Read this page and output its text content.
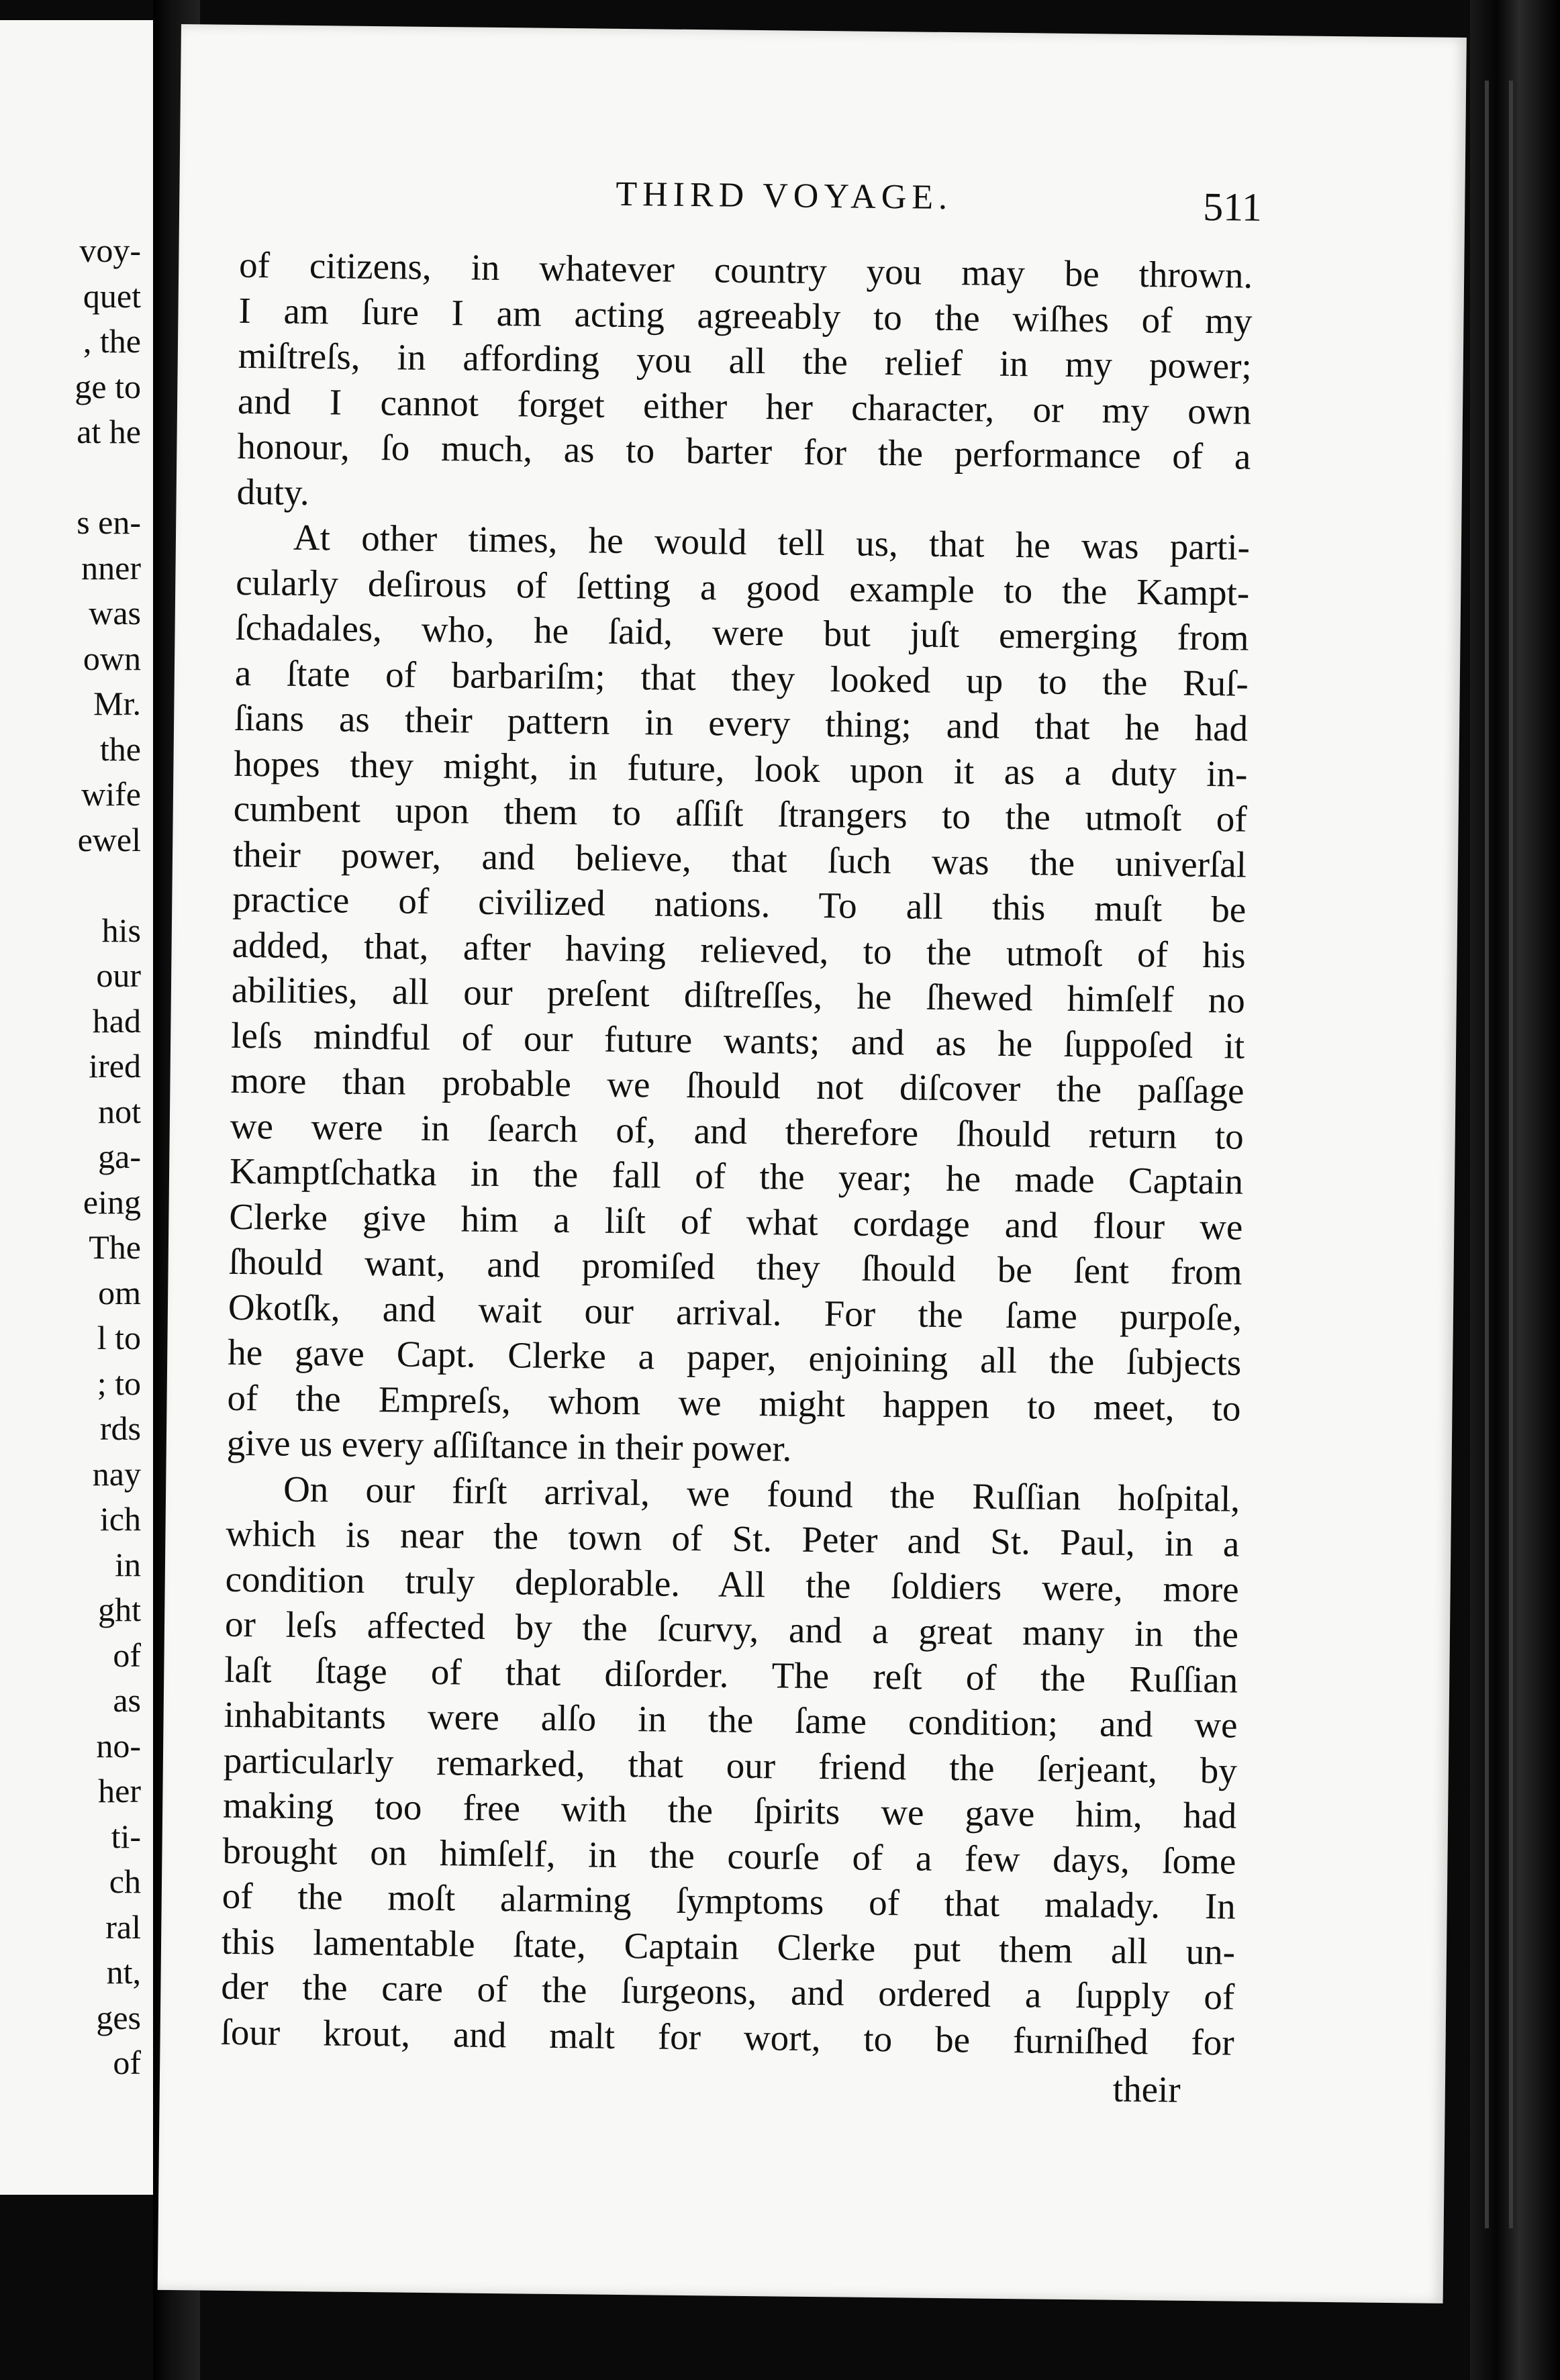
voy-
quet
, the
ge to
at he
s en-
nner
was
own
Mr.
the
wife
ewel
his
our
had
ired
not
ga-
eing
The
om
l to
; to
rds
nay
ich
in
ght
of
as
no-
her
ti-
ch
ral
nt,
ges
of
THIRD VOYAGE.	511
of citizens, in whatever country you may be thrown.
I am ſure I am acting agreeably to the wiſhes of my
miſtreſs, in affording you all the relief in my power;
and I cannot forget either her character, or my own
honour, ſo much, as to barter for the performance of a
duty.
At other times, he would tell us, that he was parti-
cularly deſirous of ſetting a good example to the Kampt-
ſchadales, who, he ſaid, were but juſt emerging from
a ſtate of barbariſm; that they looked up to the Ruſ-
ſians as their pattern in every thing; and that he had
hopes they might, in future, look upon it as a duty in-
cumbent upon them to aſſiſt ſtrangers to the utmoſt of
their power, and believe, that ſuch was the univerſal
practice of civilized nations. To all this muſt be
added, that, after having relieved, to the utmoſt of his
abilities, all our preſent diſtreſſes, he ſhewed himſelf no
leſs mindful of our future wants; and as he ſuppoſed it
more than probable we ſhould not diſcover the paſſage
we were in ſearch of, and therefore ſhould return to
Kamptſchatka in the fall of the year; he made Captain
Clerke give him a liſt of what cordage and flour we
ſhould want, and promiſed they ſhould be ſent from
Okotſk, and wait our arrival. For the ſame purpoſe,
he gave Capt. Clerke a paper, enjoining all the ſubjects
of the Empreſs, whom we might happen to meet, to
give us every aſſiſtance in their power.
On our firſt arrival, we found the Ruſſian hoſpital,
which is near the town of St. Peter and St. Paul, in a
condition truly deplorable. All the ſoldiers were, more
or leſs affected by the ſcurvy, and a great many in the
laſt ſtage of that diſorder. The reſt of the Ruſſian
inhabitants were alſo in the ſame condition; and we
particularly remarked, that our friend the ſerjeant, by
making too free with the ſpirits we gave him, had
brought on himſelf, in the courſe of a few days, ſome
of the moſt alarming ſymptoms of that malady. In
this lamentable ſtate, Captain Clerke put them all un-
der the care of the ſurgeons, and ordered a ſupply of
ſour krout, and malt for wort, to be furniſhed for
their
